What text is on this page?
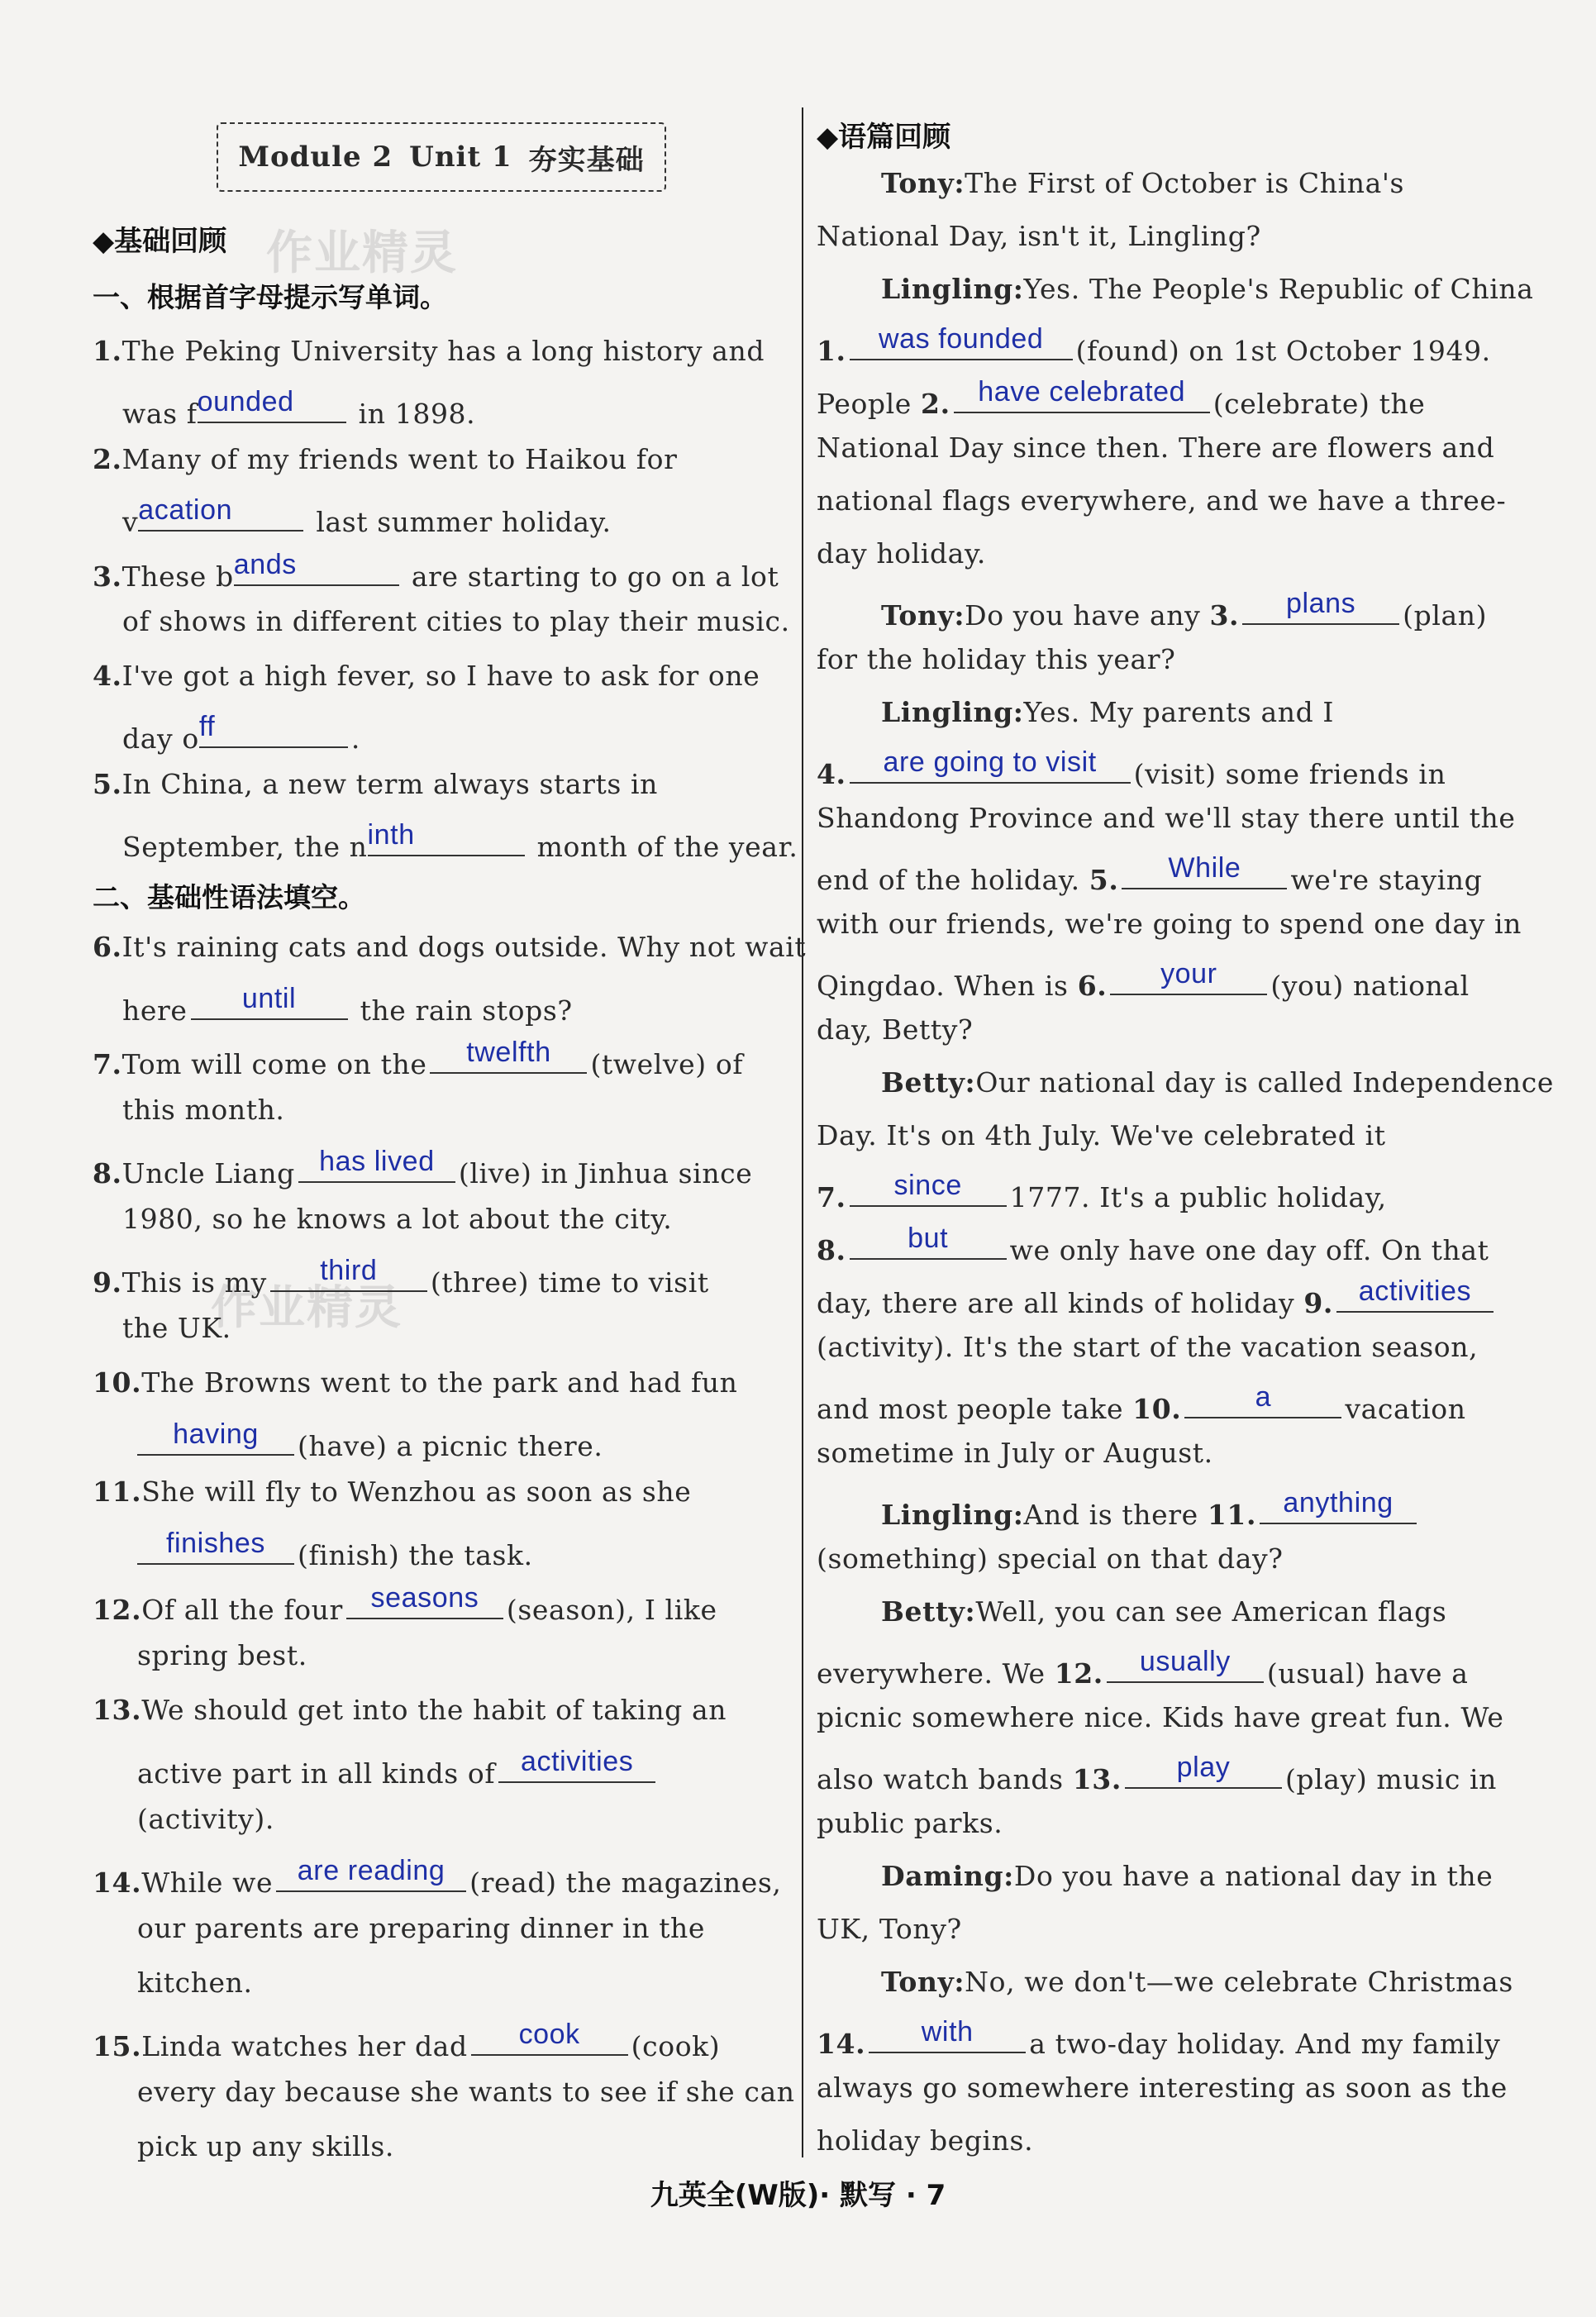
Module 2 Unit 1 夯实基础
作业精灵
作业精灵
◆基础回顾
一、根据首字母提示写单词。
1.The Peking University has a long history and
was f ounded	in 1898.
2.Many of my friends went to Haikou for
v acation	last summer holiday.
3.These b ands	are starting to go on a lot
of shows in different cities to play their music.
4.I've got a high fever, so I have to ask for one
day o ff	.
5.In China, a new term always starts in
September, the n inth	month of the year.
二、基础性语法填空。
6.It's raining cats and dogs outside. Why not wait
here	until	the rain stops?
7.Tom will come on the	twelfth	(twelve) of
this month.
8.Uncle Liang has lived (live) in Jinhua since
1980, so he knows a lot about the city.
9.This is my	third	(three) time to visit
the UK.
10.The Browns went to the park and had fun
having	(have) a picnic there.
11.She will fly to Wenzhou as soon as she
finishes	(finish) the task.
12.Of all the four seasons	(season), I like
spring best.
13.We should get into the habit of taking an
active part in all kinds of activities
(activity).
14.While we are reading (read) the magazines,
our parents are preparing dinner in the
kitchen.
15.Linda watches her dad	cook	(cook)
every day because she wants to see if she can
pick up any skills.
◆语篇回顾
Tony:The First of October is China's
National Day, isn't it, Lingling?
Lingling:Yes. The People's Republic of China
1.	was founded	(found) on 1st October 1949.
People 2. have celebrated	(celebrate) the
National Day since then. There are flowers and
national flags everywhere, and we have a three-
day holiday.
Tony:Do you have any 3.	plans	(plan)
for the holiday this year?
Lingling:Yes. My parents and I
4.	are going to visit	(visit) some friends in
Shandong Province and we'll stay there until the
end of the holiday. 5.	While	we're staying
with our friends, we're going to spend one day in
Qingdao. When is 6.	your	(you) national
day, Betty?
Betty:Our national day is called Independence
Day. It's on 4th July. We've celebrated it
7.	since	1777. It's a public holiday,
8.	but	we only have one day off. On that
day, there are all kinds of holiday 9. activities
(activity). It's the start of the vacation season,
and most people take 10.	a	vacation
sometime in July or August.
Lingling:And is there 11. anything
(something) special on that day?
Betty:Well, you can see American flags
everywhere. We 12.	usually	(usual) have a
picnic somewhere nice. Kids have great fun. We
also watch bands 13.	play	(play) music in
public parks.
Daming:Do you have a national day in the
UK, Tony?
Tony:No, we don't—we celebrate Christmas
14.	with	a two-day holiday. And my family
always go somewhere interesting as soon as the
holiday begins.
九英全(W版)· 默写 · 7
